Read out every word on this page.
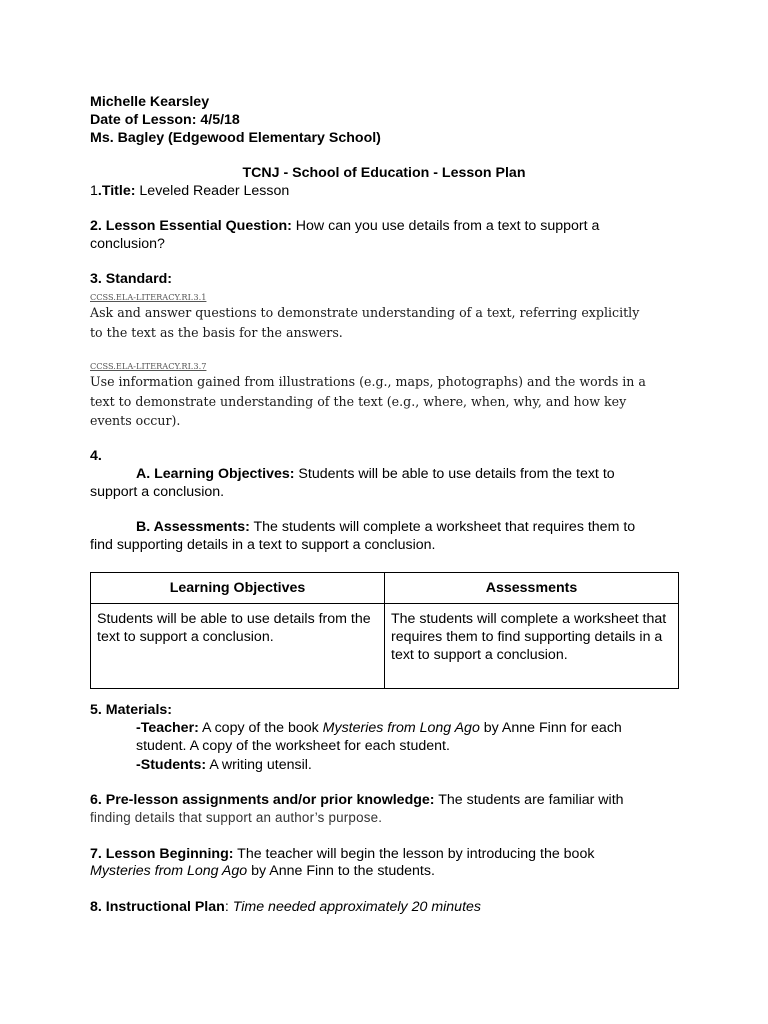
Michelle Kearsley
Date of Lesson: 4/5/18
Ms. Bagley (Edgewood Elementary School)
TCNJ - School of Education - Lesson Plan
1.Title: Leveled Reader Lesson
2. Lesson Essential Question: How can you use details from a text to support a
conclusion?
3. Standard:
CCSS.ELA-LITERACY.RI.3.1
Ask and answer questions to demonstrate understanding of a text, referring explicitly
to the text as the basis for the answers.
CCSS.ELA-LITERACY.RI.3.7
Use information gained from illustrations (e.g., maps, photographs) and the words in a
text to demonstrate understanding of the text (e.g., where, when, why, and how key
events occur).
4.
A. Learning Objectives: Students will be able to use details from the text to
support a conclusion.
B. Assessments: The students will complete a worksheet that requires them to
find supporting details in a text to support a conclusion.
Learning Objectives	Assessments
Students will be able to use details from the text to support a conclusion.	The students will complete a worksheet that requires them to find supporting details in a text to support a conclusion.
5. Materials:
-Teacher: A copy of the book Mysteries from Long Ago by Anne Finn for each
student. A copy of the worksheet for each student.
-Students: A writing utensil.
6. Pre-lesson assignments and/or prior knowledge: The students are familiar with
finding details that support an author’s purpose.
7. Lesson Beginning: The teacher will begin the lesson by introducing the book
Mysteries from Long Ago by Anne Finn to the students.
8. Instructional Plan: Time needed approximately 20 minutes
